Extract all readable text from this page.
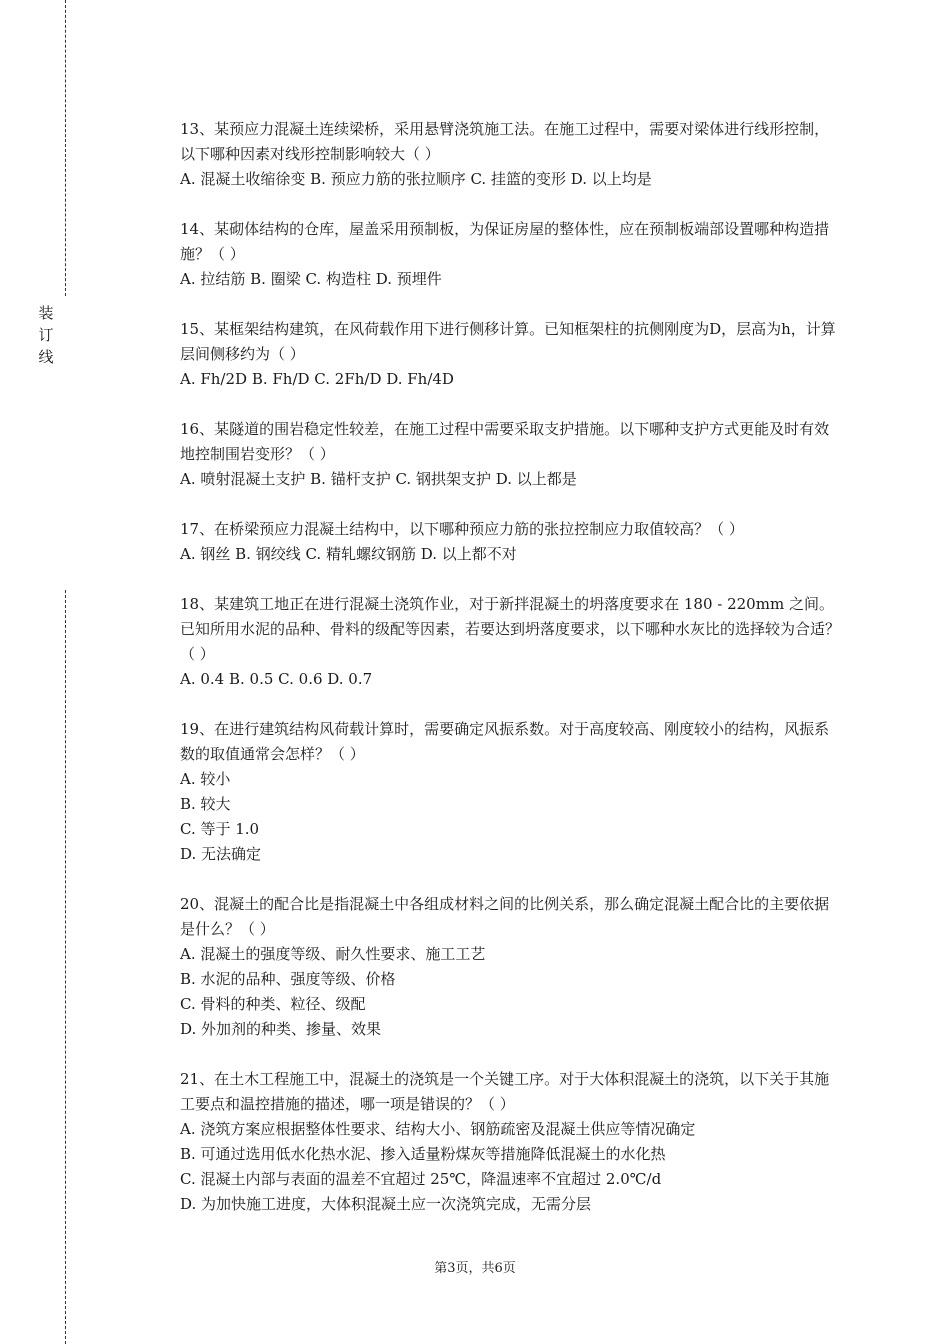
装
订
线

13、某预应力混凝土连续梁桥，采用悬臂浇筑施工法。在施工过程中，需要对梁体进行线形控制，以下哪种因素对线形控制影响较大（ ）

A. 混凝土收缩徐变 B. 预应力筋的张拉顺序 C. 挂篮的变形 D. 以上均是

14、某砌体结构的仓库，屋盖采用预制板，为保证房屋的整体性，应在预制板端部设置哪种构造措施？（ ）

A. 拉结筋 B. 圈梁 C. 构造柱 D. 预埋件

15、某框架结构建筑，在风荷载作用下进行侧移计算。已知框架柱的抗侧刚度为D，层高为h，计算层间侧移约为（ ）

A. Fh/2D B. Fh/D C. 2Fh/D D. Fh/4D

16、某隧道的围岩稳定性较差，在施工过程中需要采取支护措施。以下哪种支护方式更能及时有效地控制围岩变形？（ ）

A. 喷射混凝土支护 B. 锚杆支护 C. 钢拱架支护 D. 以上都是

17、在桥梁预应力混凝土结构中，以下哪种预应力筋的张拉控制应力取值较高？（ ）

A. 钢丝 B. 钢绞线 C. 精轧螺纹钢筋 D. 以上都不对

18、某建筑工地正在进行混凝土浇筑作业，对于新拌混凝土的坍落度要求在 180 - 220mm 之间。已知所用水泥的品种、骨料的级配等因素，若要达到坍落度要求，以下哪种水灰比的选择较为合适？（ ）

A. 0.4 B. 0.5 C. 0.6 D. 0.7

19、在进行建筑结构风荷载计算时，需要确定风振系数。对于高度较高、刚度较小的结构，风振系数的取值通常会怎样？（ ）

A. 较小
B. 较大
C. 等于 1.0
D. 无法确定

20、混凝土的配合比是指混凝土中各组成材料之间的比例关系，那么确定混凝土配合比的主要依据是什么？（ ）

A. 混凝土的强度等级、耐久性要求、施工工艺
B. 水泥的品种、强度等级、价格
C. 骨料的种类、粒径、级配
D. 外加剂的种类、掺量、效果

21、在土木工程施工中，混凝土的浇筑是一个关键工序。对于大体积混凝土的浇筑，以下关于其施工要点和温控措施的描述，哪一项是错误的？（ ）

A. 浇筑方案应根据整体性要求、结构大小、钢筋疏密及混凝土供应等情况确定
B. 可通过选用低水化热水泥、掺入适量粉煤灰等措施降低混凝土的水化热
C. 混凝土内部与表面的温差不宜超过 25℃，降温速率不宜超过 2.0℃/d
D. 为加快施工进度，大体积混凝土应一次浇筑完成，无需分层
第3页，共6页
